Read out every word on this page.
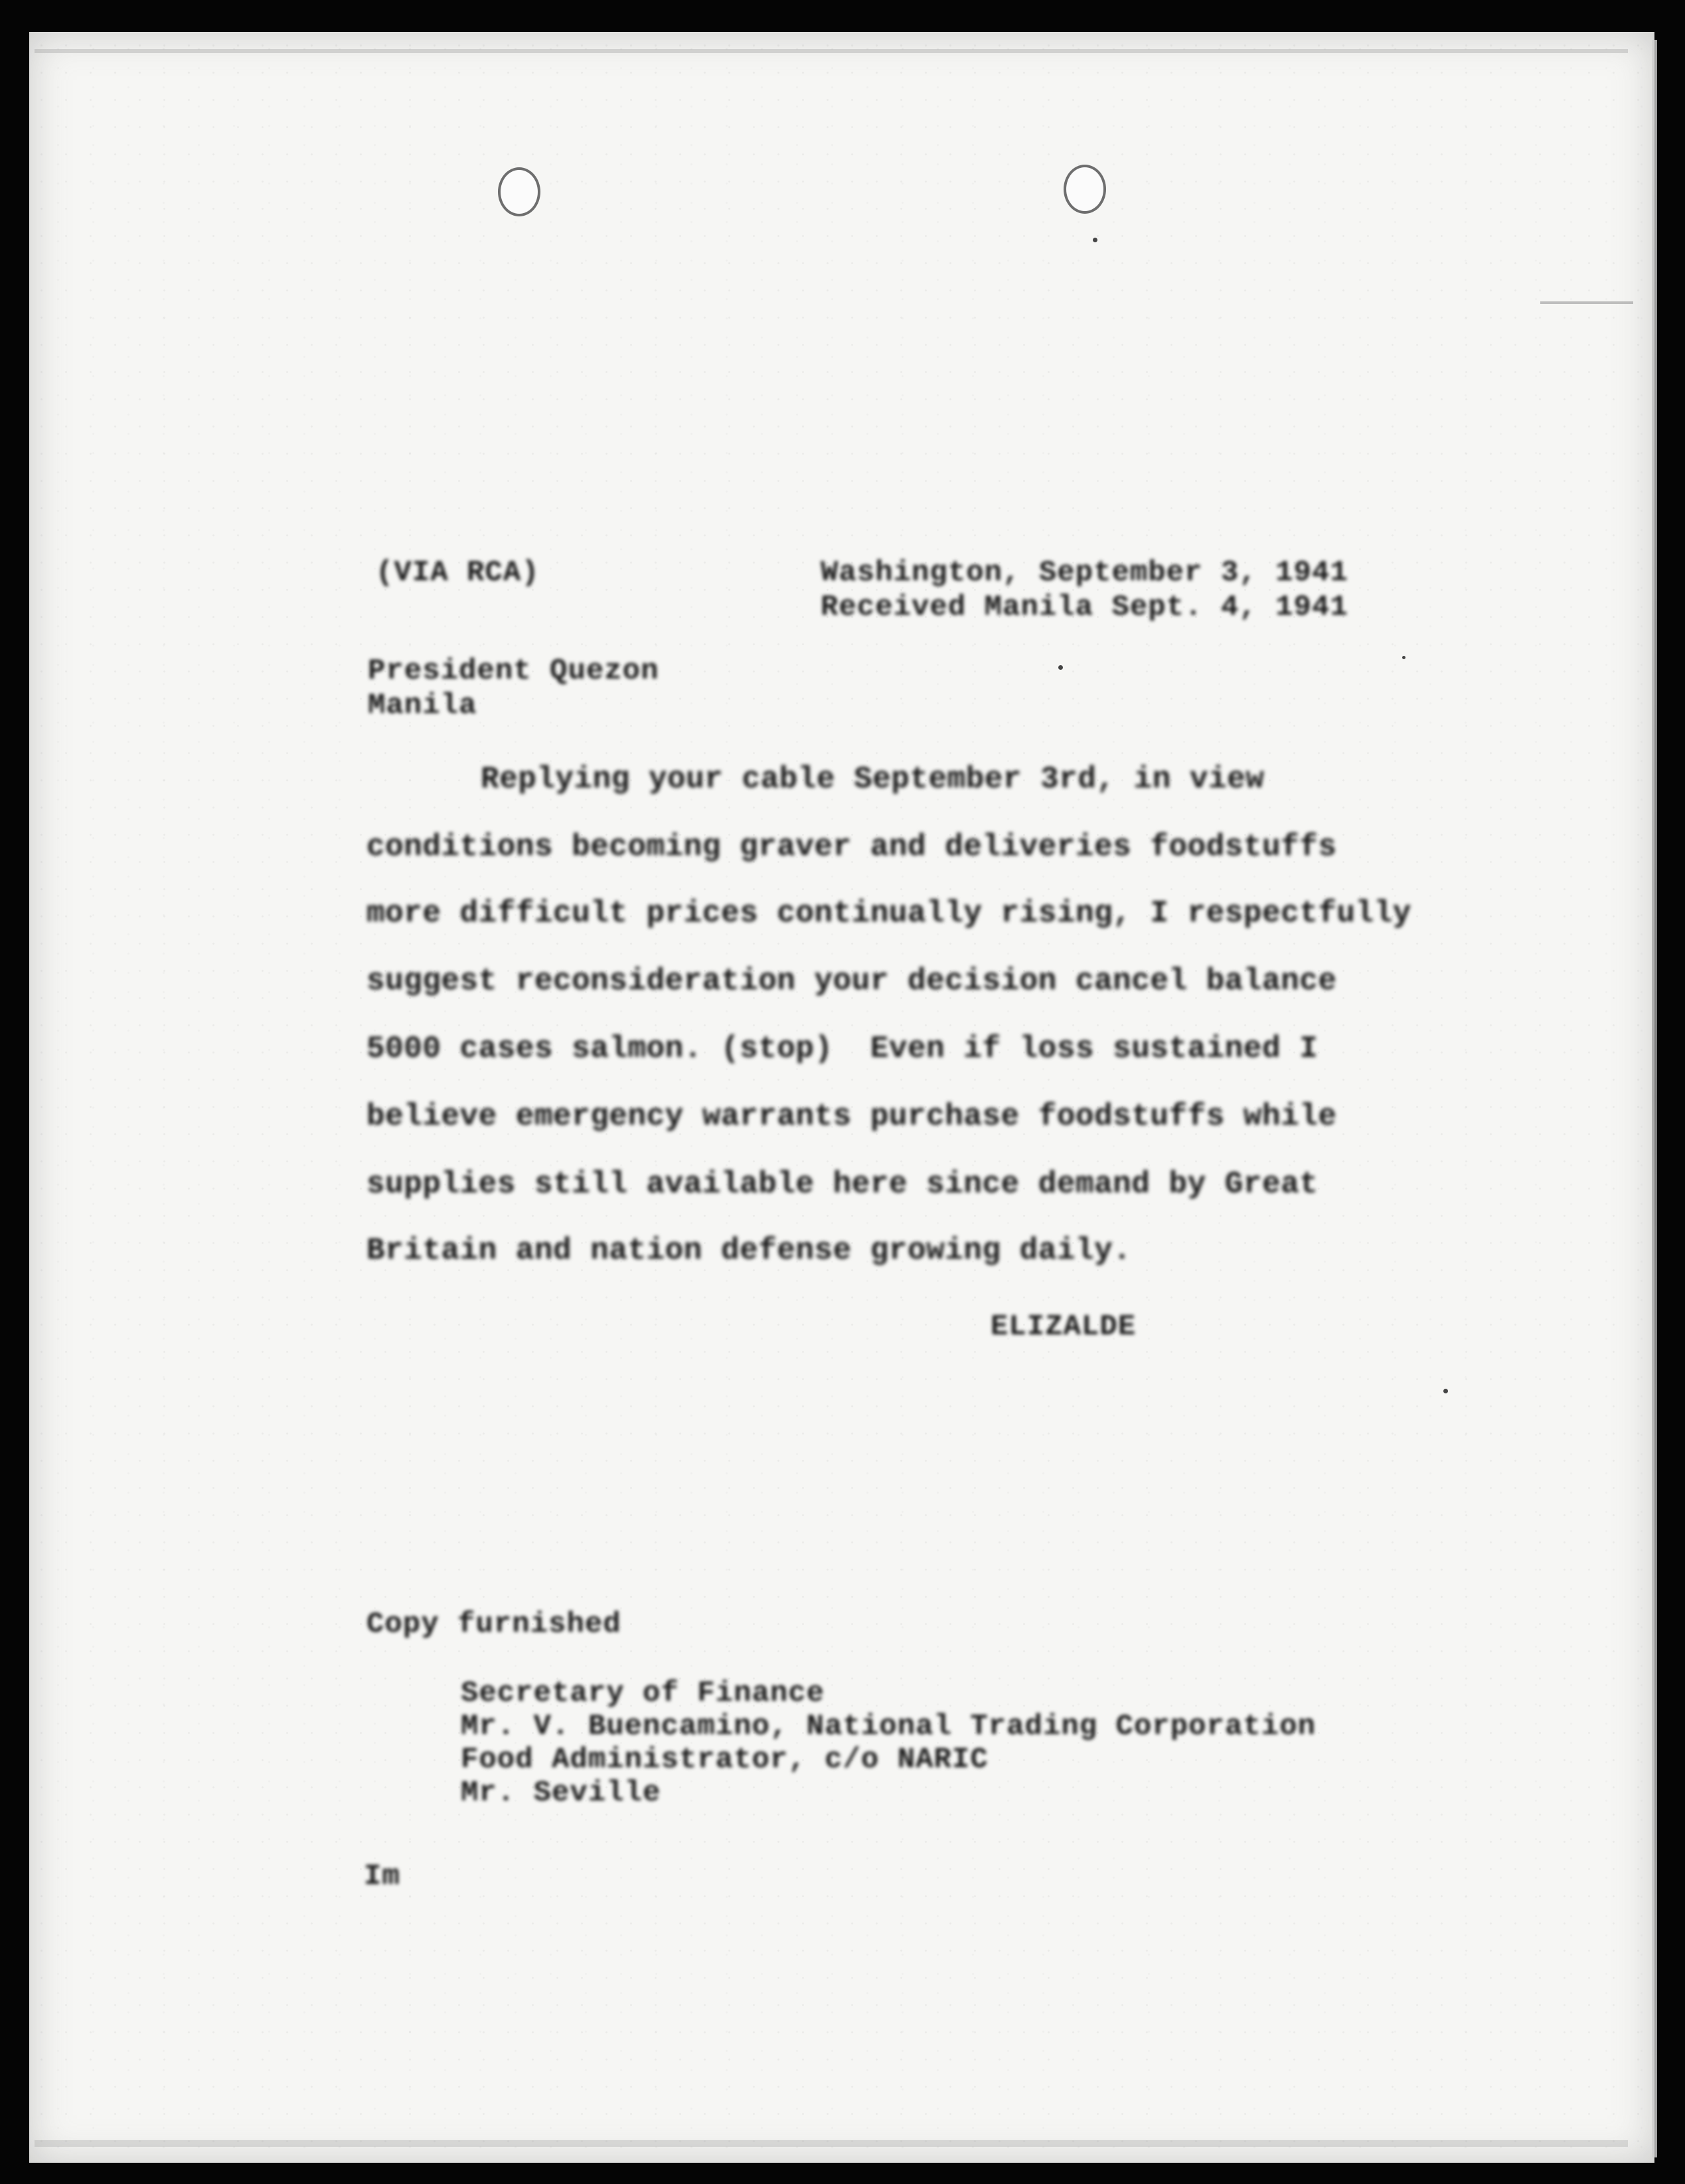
(VIA RCA)	Washington, September 3, 1941
Received Manila Sept. 4, 1941
President Quezon
Manila
Replying your cable September 3rd, in view
conditions becoming graver and deliveries foodstuffs
more difficult prices continually rising, I respectfully
suggest reconsideration your decision cancel balance
5000 cases salmon. (stop)  Even if loss sustained I
believe emergency warrants purchase foodstuffs while
supplies still available here since demand by Great
Britain and nation defense growing daily.
ELIZALDE
Copy furnished
Secretary of Finance
Mr. V. Buencamino, National Trading Corporation
Food Administrator, c/o NARIC
Mr. Seville
Im
